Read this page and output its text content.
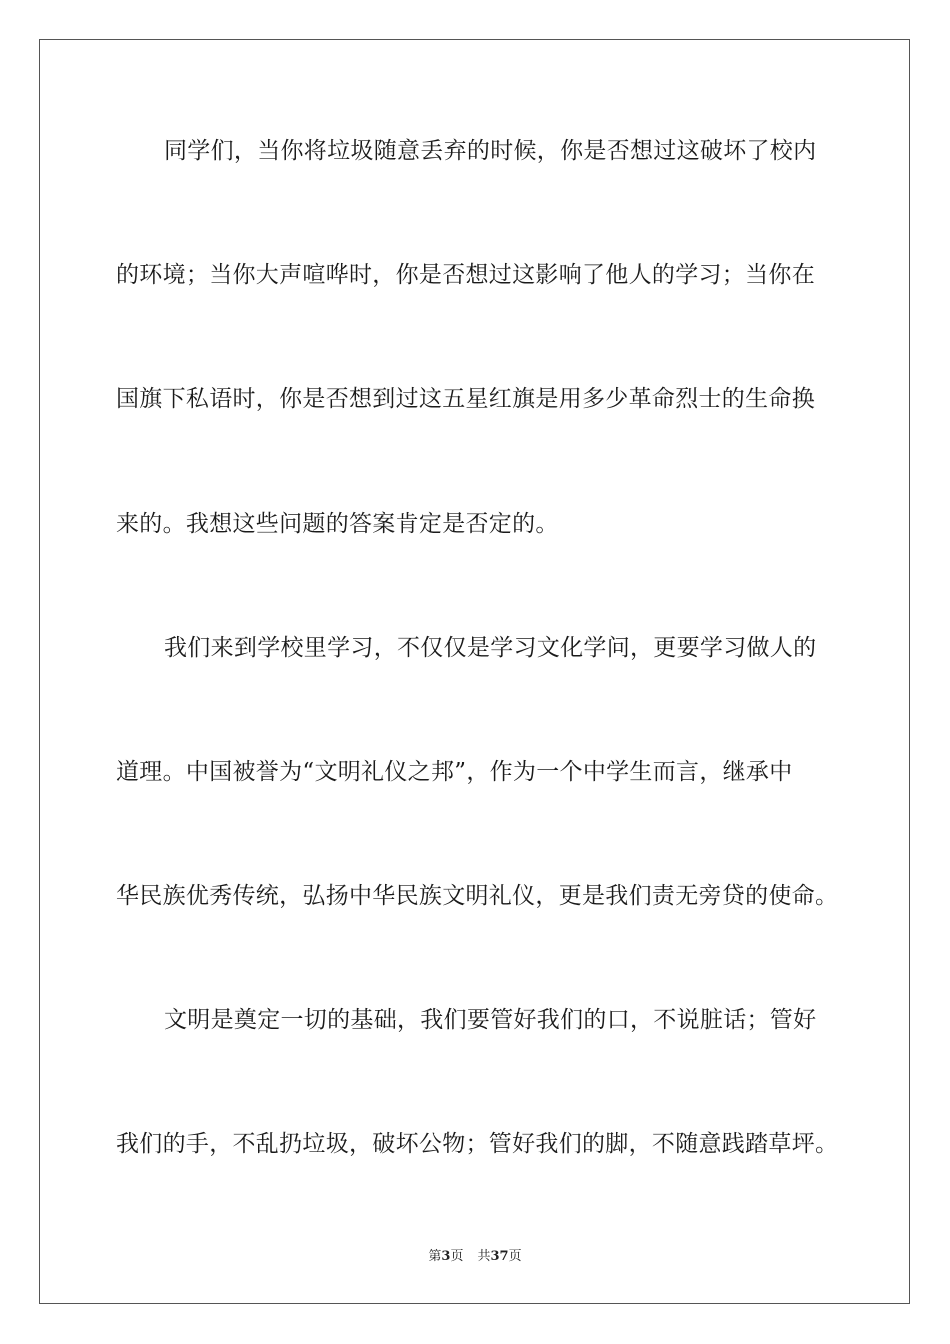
同学们，当你将垃圾随意丢弃的时候，你是否想过这破坏了校内
的环境；当你大声喧哗时，你是否想过这影响了他人的学习；当你在
国旗下私语时，你是否想到过这五星红旗是用多少革命烈士的生命换
来的。我想这些问题的答案肯定是否定的。
我们来到学校里学习，不仅仅是学习文化学问，更要学习做人的
道理。中国被誉为“文明礼仪之邦”，作为一个中学生而言，继承中
华民族优秀传统，弘扬中华民族文明礼仪，更是我们责无旁贷的使命。
文明是奠定一切的基础，我们要管好我们的口，不说脏话；管好
我们的手，不乱扔垃圾，破坏公物；管好我们的脚，不随意践踏草坪。
第3页 共37页
